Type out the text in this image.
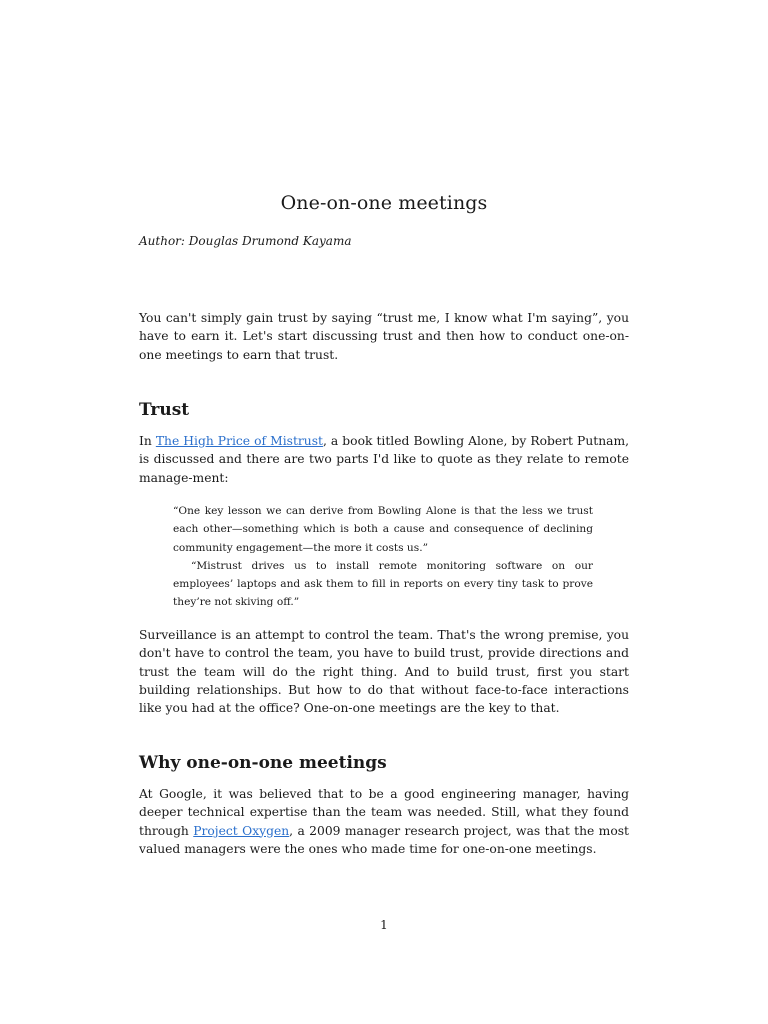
One-on-one meetings
Author: Douglas Drumond Kayama

You can't simply gain trust by saying “trust me, I know what I'm saying”, you have to earn it. Let's start discussing trust and then how to conduct one-on-one meetings to earn that trust.

Trust

In The High Price of Mistrust, a book titled Bowling Alone, by Robert Putnam, is discussed and there are two parts I'd like to quote as they relate to remote manage-ment:

“One key lesson we can derive from Bowling Alone is that the less we trust each other—something which is both a cause and consequence of declining community engagement—the more it costs us.”
“Mistrust drives us to install remote monitoring software on our employees’ laptops and ask them to fill in reports on every tiny task to prove they’re not skiving off.”

Surveillance is an attempt to control the team. That's the wrong premise, you don't have to control the team, you have to build trust, provide directions and trust the team will do the right thing. And to build trust, first you start building relationships. But how to do that without face-to-face interactions like you had at the office? One-on-one meetings are the key to that.

Why one-on-one meetings

At Google, it was believed that to be a good engineering manager, having deeper technical expertise than the team was needed. Still, what they found through Project Oxygen, a 2009 manager research project, was that the most valued managers were the ones who made time for one-on-one meetings.

1
